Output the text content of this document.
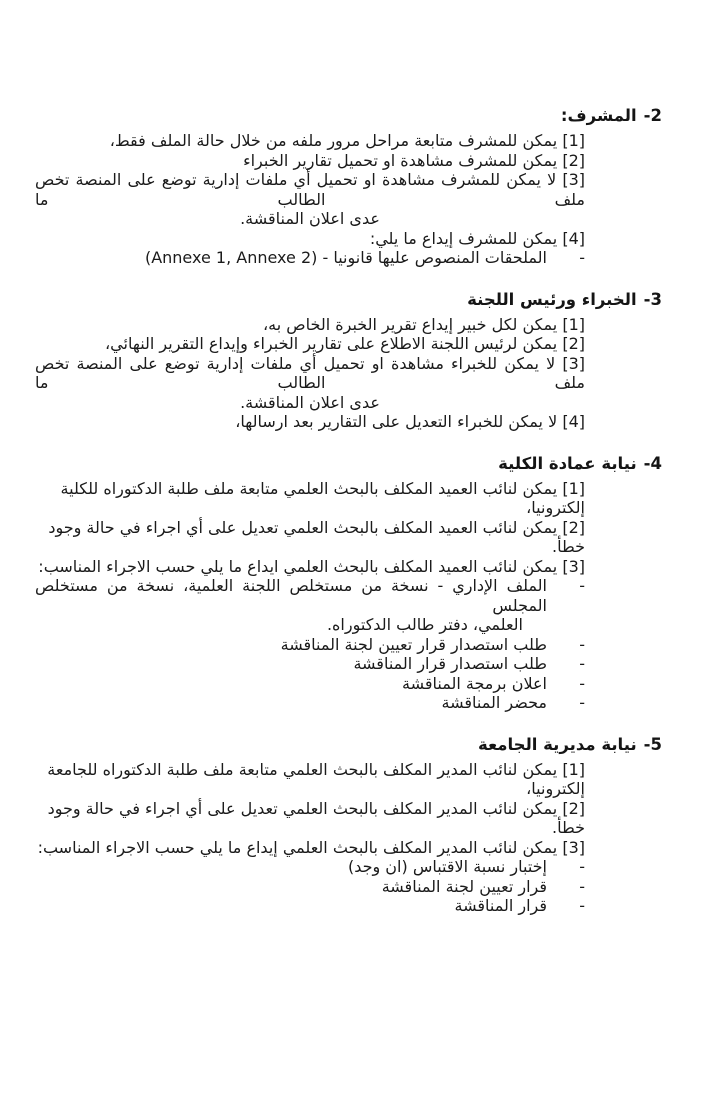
2-المشرف:
[1] يمكن للمشرف متابعة مراحل مرور ملفه من خلال حالة الملف فقط،
[2] يمكن للمشرف مشاهدة او تحميل تقارير الخبراء
[3] لا يمكن للمشرف مشاهدة او تحميل أي ملفات إدارية توضع على المنصة تخص ملف الطالب ما
عدى اعلان المناقشة.
[4] يمكن للمشرف إيداع ما يلي:
-
الملحقات المنصوص عليها قانونيا - (Annexe 1, Annexe 2)
3-الخبراء ورئيس اللجنة
[1] يمكن لكل خبير إيداع تقرير الخبرة الخاص به،
[2] يمكن لرئيس اللجنة الاطلاع على تقارير الخبراء وإيداع التقرير النهائي،
[3] لا يمكن للخبراء مشاهدة او تحميل أي ملفات إدارية توضع على المنصة تخص ملف الطالب ما
عدى اعلان المناقشة.
[4] لا يمكن للخبراء التعديل على التقارير بعد ارسالها،
4-نيابة عمادة الكلية
[1] يمكن لنائب العميد المكلف بالبحث العلمي متابعة ملف طلبة الدكتوراه للكلية إلكترونيا،
[2] يمكن لنائب العميد المكلف بالبحث العلمي تعديل على أي اجراء في حالة وجود خطأ.
[3] يمكن لنائب العميد المكلف بالبحث العلمي ايداع ما يلي حسب الاجراء المناسب:
-
الملف الإداري - نسخة من مستخلص اللجنة العلمية، نسخة من مستخلص المجلس
العلمي، دفتر طالب الدكتوراه.
-
طلب استصدار قرار تعيين لجنة المناقشة
-
طلب استصدار قرار المناقشة
-
اعلان برمجة المناقشة
-
محضر المناقشة
5-نيابة مديرية الجامعة
[1] يمكن لنائب المدير المكلف بالبحث العلمي متابعة ملف طلبة الدكتوراه للجامعة إلكترونيا،
[2] يمكن لنائب المدير المكلف بالبحث العلمي تعديل على أي اجراء في حالة وجود خطأ.
[3] يمكن لنائب المدير المكلف بالبحث العلمي إيداع ما يلي حسب الاجراء المناسب:
-
إختبار نسبة الاقتباس (ان وجد)
-
قرار تعيين لجنة المناقشة
-
قرار المناقشة
